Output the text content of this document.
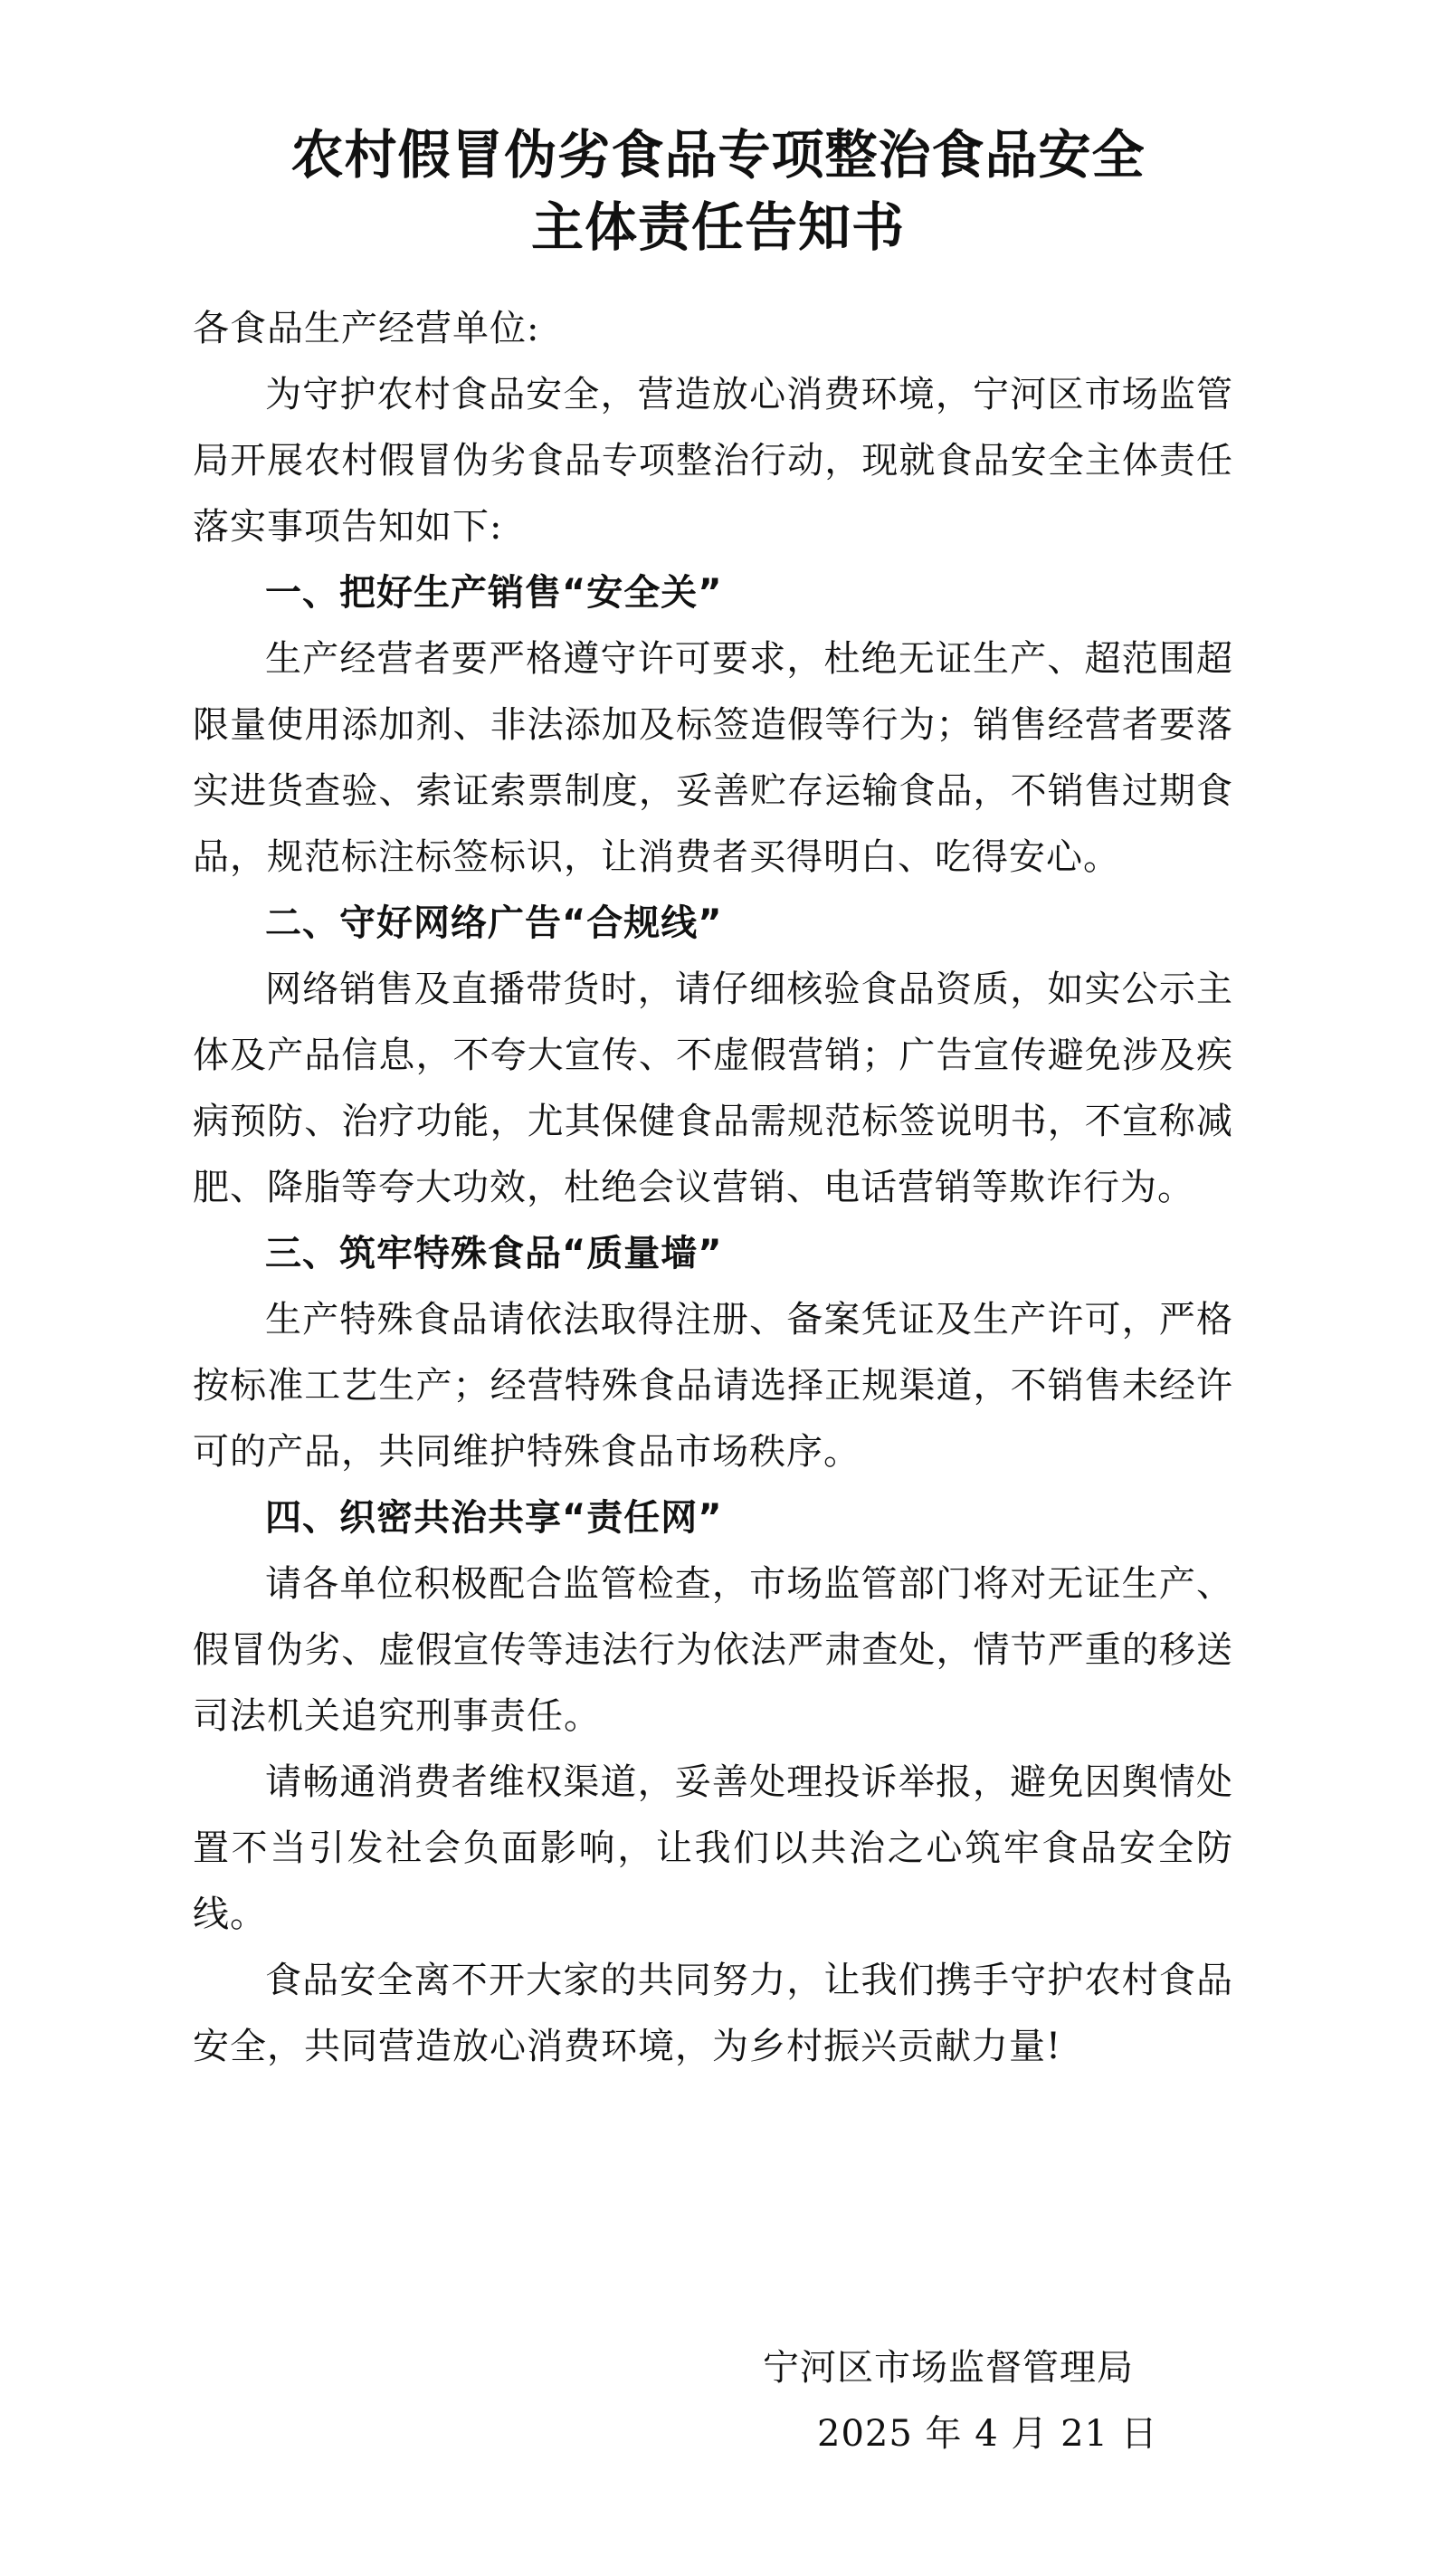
农村假冒伪劣食品专项整治食品安全
主体责任告知书

各食品生产经营单位:

为守护农村食品安全，营造放心消费环境，宁河区市场监管局开展农村假冒伪劣食品专项整治行动，现就食品安全主体责任落实事项告知如下:

一、把好生产销售“安全关”

生产经营者要严格遵守许可要求，杜绝无证生产、超范围超限量使用添加剂、非法添加及标签造假等行为；销售经营者要落实进货查验、索证索票制度，妥善贮存运输食品，不销售过期食品，规范标注标签标识，让消费者买得明白、吃得安心。

二、守好网络广告“合规线”

网络销售及直播带货时，请仔细核验食品资质，如实公示主体及产品信息，不夸大宣传、不虚假营销；广告宣传避免涉及疾病预防、治疗功能，尤其保健食品需规范标签说明书，不宣称减肥、降脂等夸大功效，杜绝会议营销、电话营销等欺诈行为。

三、筑牢特殊食品“质量墙”

生产特殊食品请依法取得注册、备案凭证及生产许可，严格按标准工艺生产；经营特殊食品请选择正规渠道，不销售未经许可的产品，共同维护特殊食品市场秩序。

四、织密共治共享“责任网”

请各单位积极配合监管检查，市场监管部门将对无证生产、假冒伪劣、虚假宣传等违法行为依法严肃查处，情节严重的移送司法机关追究刑事责任。

请畅通消费者维权渠道，妥善处理投诉举报，避免因舆情处置不当引发社会负面影响，让我们以共治之心筑牢食品安全防线。

食品安全离不开大家的共同努力，让我们携手守护农村食品安全，共同营造放心消费环境，为乡村振兴贡献力量!

宁河区市场监督管理局
2025 年 4 月 21 日
